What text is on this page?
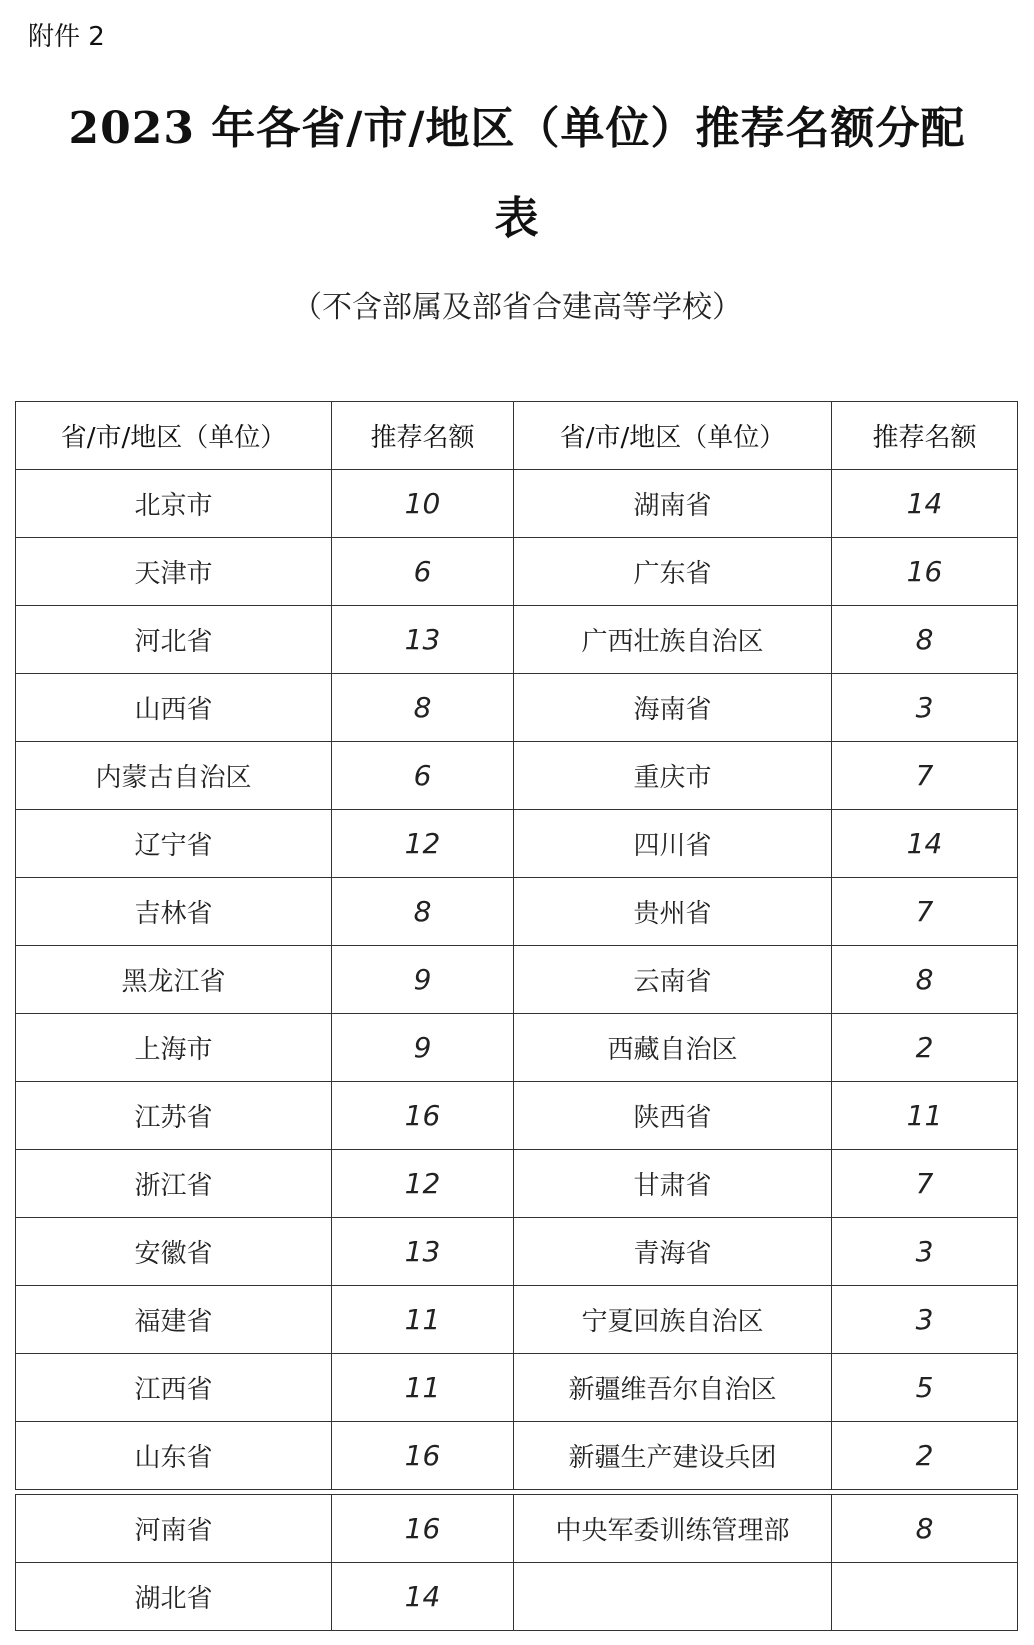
附件 2
2023 年各省/市/地区（单位）推荐名额分配
表
（不含部属及部省合建高等学校）
省/市/地区（单位）	推荐名额	省/市/地区（单位）	推荐名额
北京市	10	湖南省	14
天津市	6	广东省	16
河北省	13	广西壮族自治区	8
山西省	8	海南省	3
内蒙古自治区	6	重庆市	7
辽宁省	12	四川省	14
吉林省	8	贵州省	7
黑龙江省	9	云南省	8
上海市	9	西藏自治区	2
江苏省	16	陕西省	11
浙江省	12	甘肃省	7
安徽省	13	青海省	3
福建省	11	宁夏回族自治区	3
江西省	11	新疆维吾尔自治区	5
山东省	16	新疆生产建设兵团	2
河南省	16	中央军委训练管理部	8
湖北省	14		
